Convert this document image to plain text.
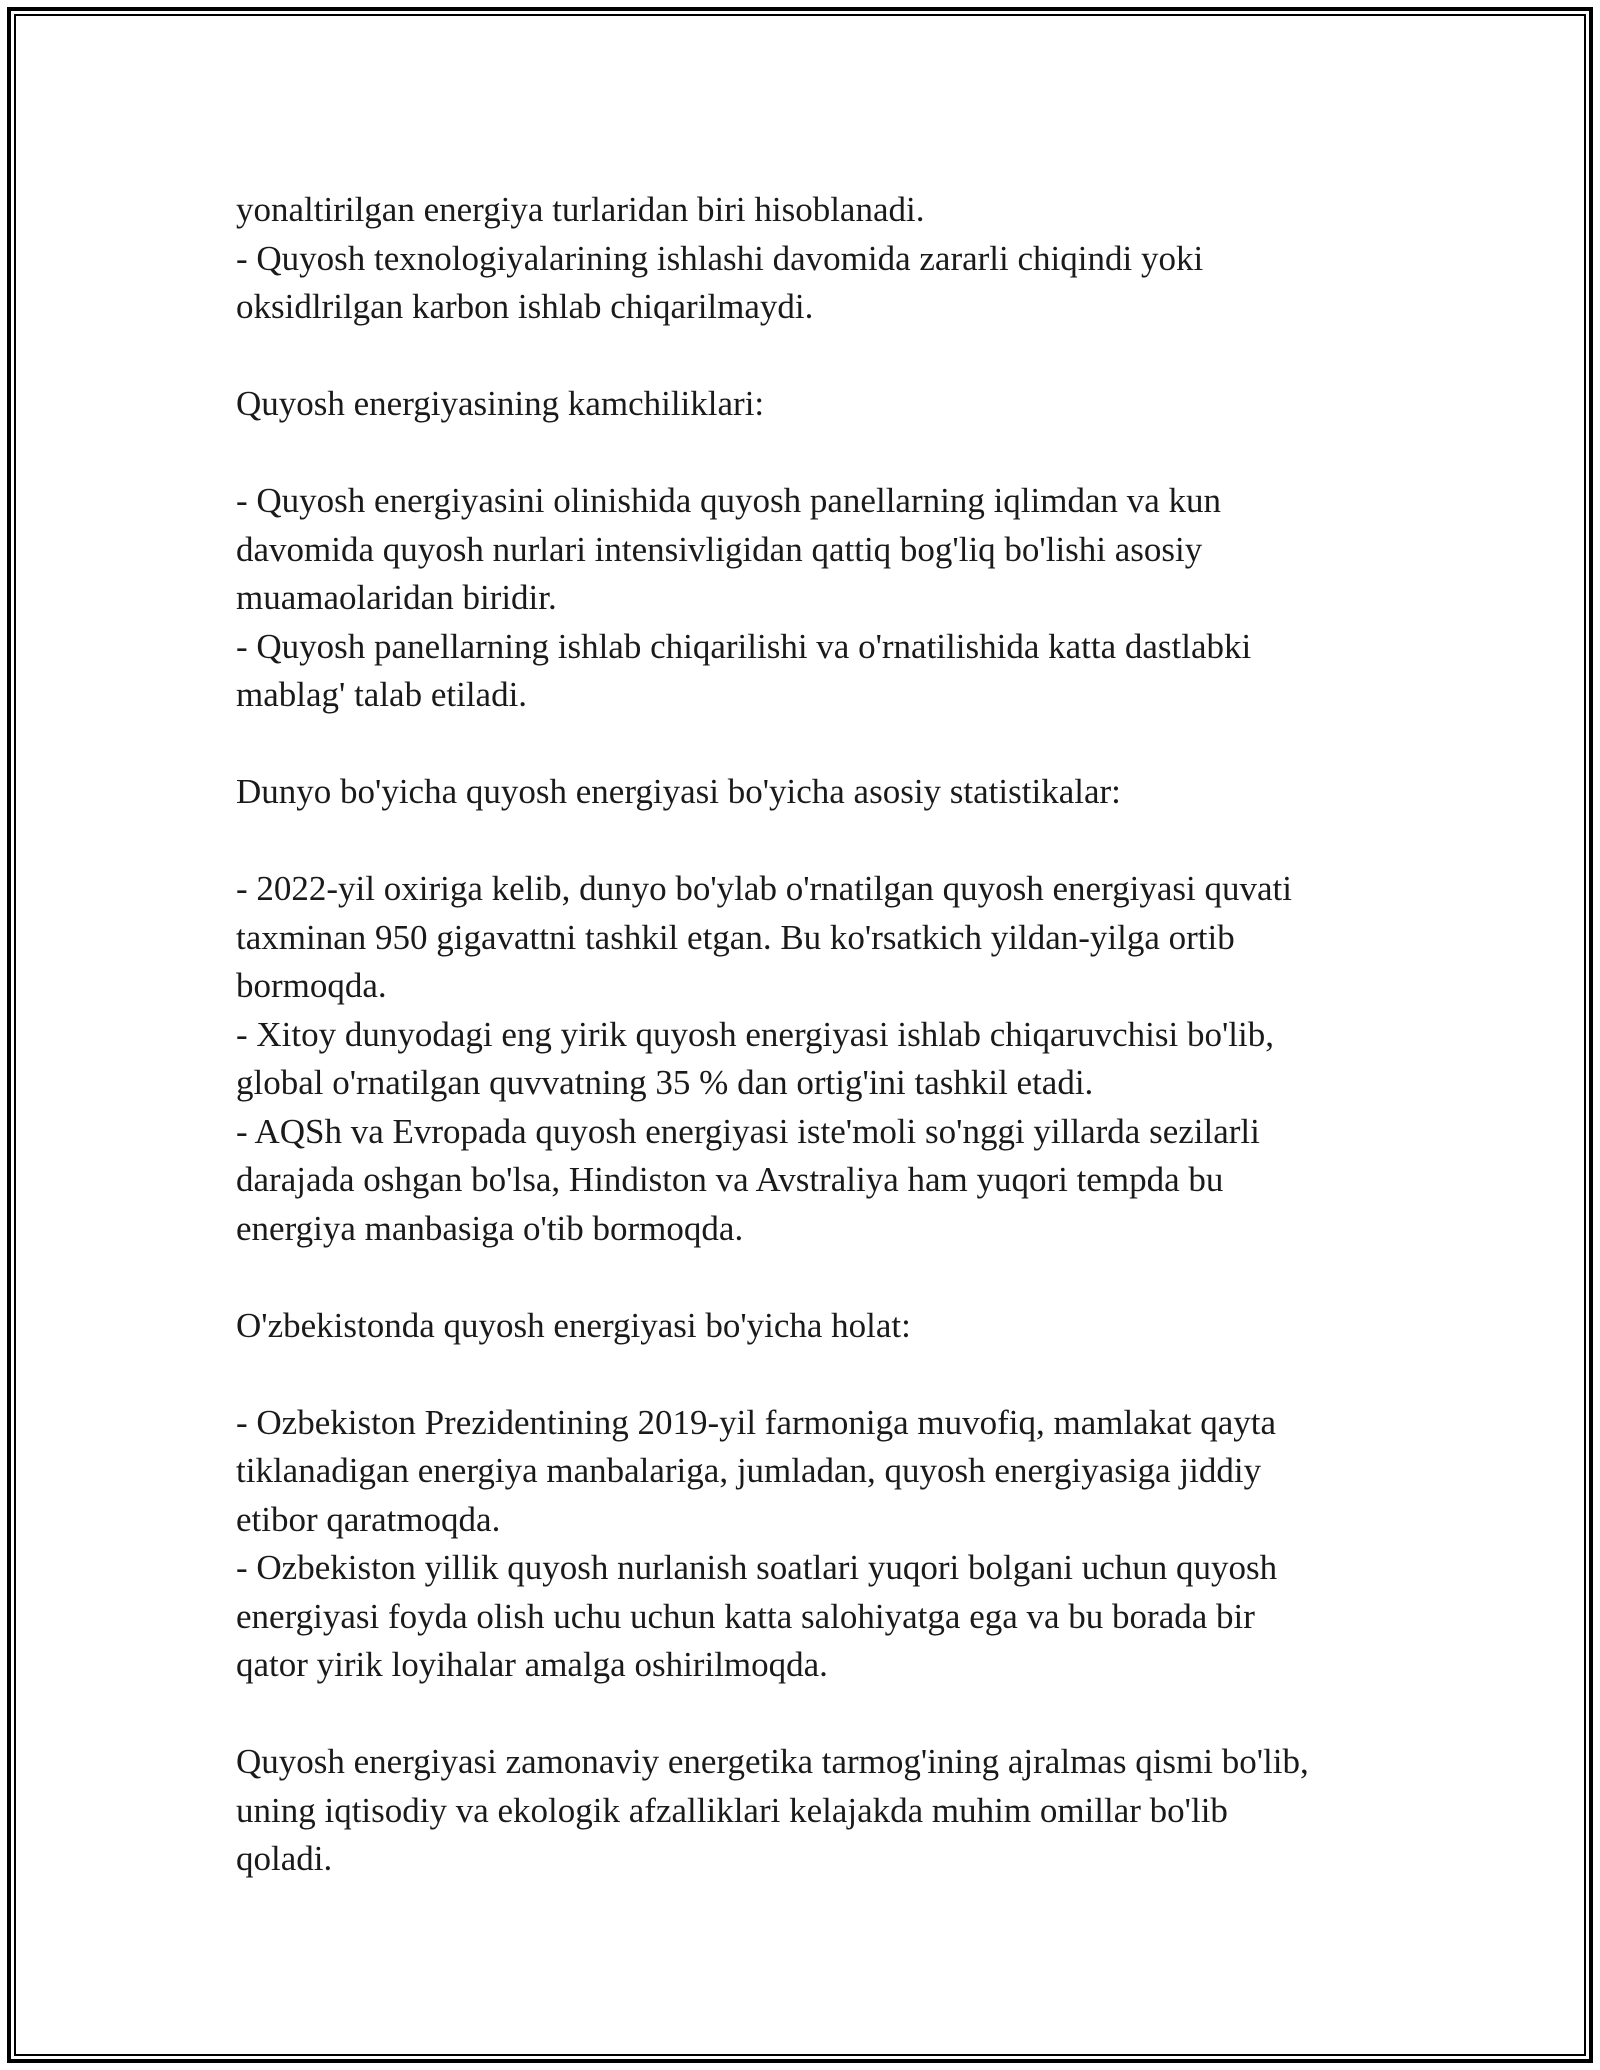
yonaltirilgan energiya turlaridan biri hisoblanadi.

- Quyosh texnologiyalarining ishlashi davomida zararli chiqindi yoki

oksidlrilgan karbon ishlab chiqarilmaydi.

Quyosh energiyasining kamchiliklari:

- Quyosh energiyasini olinishida quyosh panellarning iqlimdan va kun

davomida quyosh nurlari intensivligidan qattiq bog'liq bo'lishi asosiy

muamaolaridan biridir.

- Quyosh panellarning ishlab chiqarilishi va o'rnatilishida katta dastlabki

mablag' talab etiladi.

Dunyo bo'yicha quyosh energiyasi bo'yicha asosiy statistikalar:

- 2022-yil oxiriga kelib, dunyo bo'ylab o'rnatilgan quyosh energiyasi quvati

taxminan 950 gigavattni tashkil etgan. Bu ko'rsatkich yildan-yilga ortib

bormoqda.

- Xitoy dunyodagi eng yirik quyosh energiyasi ishlab chiqaruvchisi bo'lib,

global o'rnatilgan quvvatning 35 % dan ortig'ini tashkil etadi.

- AQSh va Evropada quyosh energiyasi iste'moli so'nggi yillarda sezilarli

darajada oshgan bo'lsa, Hindiston va Avstraliya ham yuqori tempda bu

energiya manbasiga o'tib bormoqda.

O'zbekistonda quyosh energiyasi bo'yicha holat:

- Ozbekiston Prezidentining 2019-yil farmoniga muvofiq, mamlakat qayta

tiklanadigan energiya manbalariga, jumladan, quyosh energiyasiga jiddiy

etibor qaratmoqda.

- Ozbekiston yillik quyosh nurlanish soatlari yuqori bolgani uchun quyosh

energiyasi foyda olish uchu uchun katta salohiyatga ega va bu borada bir

qator yirik loyihalar amalga oshirilmoqda.

Quyosh energiyasi zamonaviy energetika tarmog'ining ajralmas qismi bo'lib,

uning iqtisodiy va ekologik afzalliklari kelajakda muhim omillar bo'lib

qoladi.
